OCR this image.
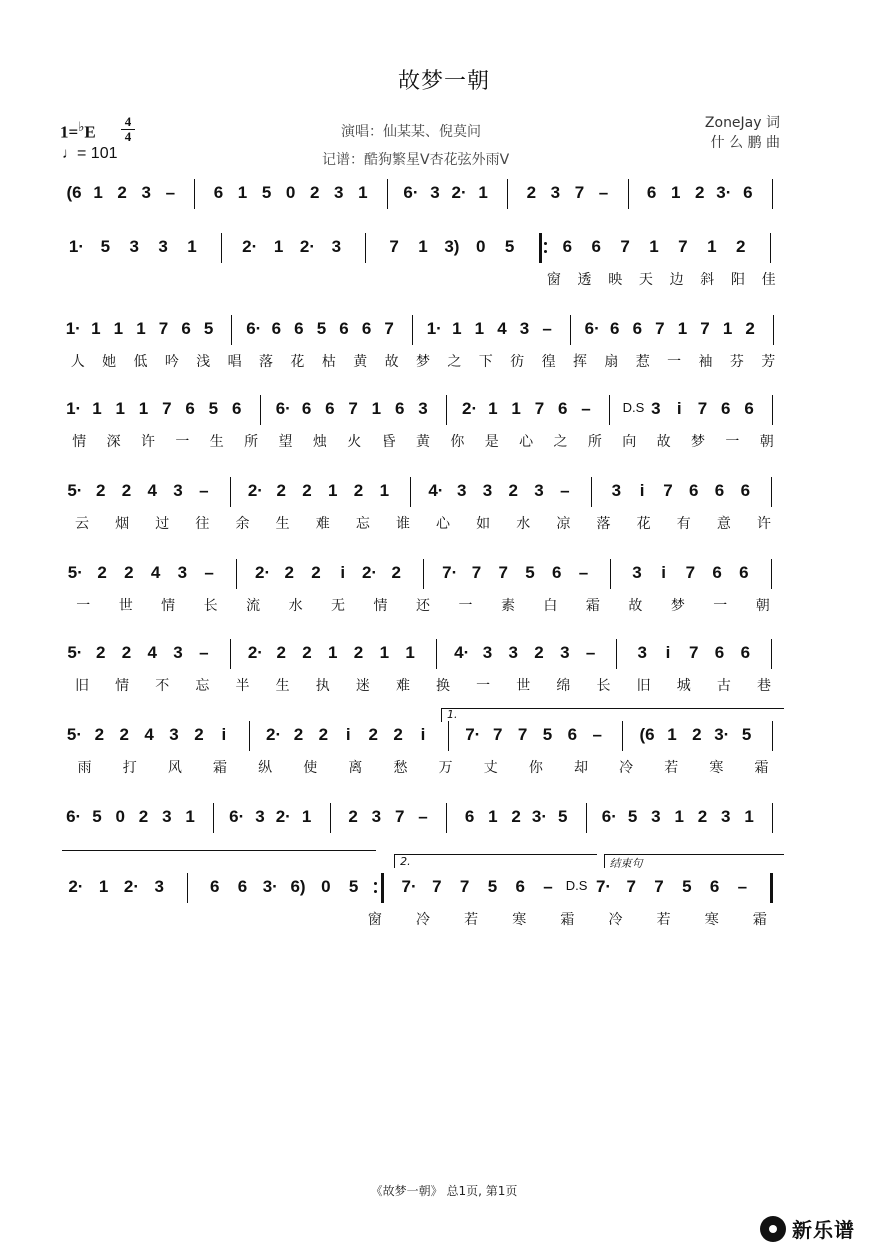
故梦一朝
1=♭E
4
4
♩= 101
演唱：仙某某、倪莫问
记谱：酷狗繁星V杏花弦外雨V
ZoneJay 词
什 么 鹏 曲
(6 1 2 3 – 6 1 5 0 2 3 1 6· 3 2· 1 2 3 7 – 6 1 2 3· 6
1· 5 3 3 1	2· 1 2· 3	7 1 3) 0 5	6 6 7 1 7 1 2
窗 透 映 天 边 斜 阳 佳
1· 1 1 1 7 6 5 6· 6 6 5 6 6 7 1· 1 1 4 3 – 6· 6 6 7 1 7 1 2
人 她 低 吟 浅 唱 落 花 枯 黄 故 梦 之 下 彷 徨 挥 扇 惹 一 袖 芬 芳
1· 1 1 1 7 6 5 6 6· 6 6 7 1 6 3 2· 1 1 7 6 – D.S 3 i 7 6 6
情 深 许 一 生 所 望 烛 火 昏 黄 你 是 心 之 所 向 故 梦 一 朝
5· 2 2 4 3 – 2· 2 2 1 2 1 4· 3 3 2 3 – 3 i 7 6 6 6
云 烟 过 往 余 生 难 忘 谁 心 如 水 凉 落 花 有 意 许
5· 2 2 4 3 – 2· 2 2 i 2· 2 7· 7 7 5 6 –	3 i 7 6 6
一 世 情 长 流 水 无 情 还 一 素 白 霜 故 梦 一 朝
5· 2 2 4 3 – 2· 2 2 1 2 1 1 4· 3 3 2 3 – 3 i 7 6 6
旧 情 不 忘 半 生 执 迷 难 换 一 世 绵 长 旧 城 古 巷
5· 2 2 4 3 2 i 2· 2 2 i 2 2 i 7· 7 7 5 6 – (6 1 2 3· 5
1.
雨 打 风 霜 纵 使 离 愁 万 丈 你 却 冷 若 寒 霜
6· 5 0 2 3 1 6· 3 2· 1 2 3 7 – 6 1 2 3· 5 6· 5 3 1 2 3 1
2· 1 2· 3	6 6 3· 6) 0 5	7· 7 7 5 6 – D.S 7· 7 7 5 6 –
2.	结束句
窗 冷 若 寒 霜 冷 若 寒 霜
《故梦一朝》 总1页, 第1页
新乐谱
